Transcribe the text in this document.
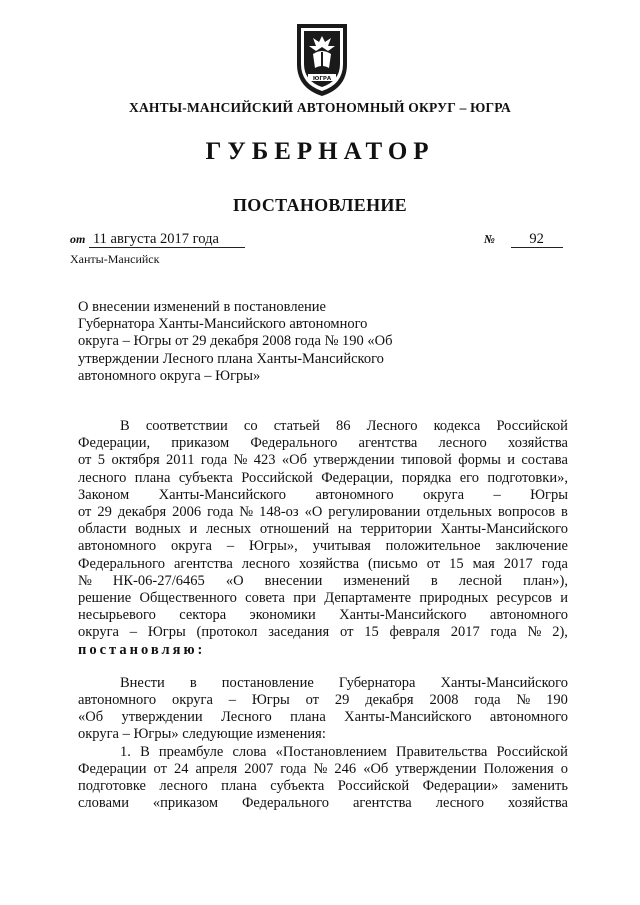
ЮГРА
ХАНТЫ-МАНСИЙСКИЙ АВТОНОМНЫЙ ОКРУГ – ЮГРА
ГУБЕРНАТОР
ПОСТАНОВЛЕНИЕ
от 11 августа 2017 года	№ 92
Ханты-Мансийск
О внесении изменений в постановление
Губернатора Ханты-Мансийского автономного
округа – Югры от 29 декабря 2008 года № 190 «Об
утверждении Лесного плана Ханты-Мансийского
автономного округа – Югры»
В соответствии со статьей 86 Лесного кодекса Российской
Федерации, приказом Федерального агентства лесного хозяйства
от 5 октября 2011 года № 423 «Об утверждении типовой формы и состава
лесного плана субъекта Российской Федерации, порядка его подготовки»,
Законом Ханты-Мансийского автономного округа – Югры
от 29 декабря 2006 года № 148-оз «О регулировании отдельных вопросов в
области водных и лесных отношений на территории Ханты-Мансийского
автономного округа – Югры», учитывая положительное заключение
Федерального агентства лесного хозяйства (письмо от 15 мая 2017 года
№ НК-06-27/6465 «О внесении изменений в лесной план»),
решение Общественного совета при Департаменте природных ресурсов и
несырьевого сектора экономики Ханты-Мансийского автономного
округа – Югры (протокол заседания от 15 февраля 2017 года № 2),
постановляю:
Внести в постановление Губернатора Ханты-Мансийского
автономного округа – Югры от 29 декабря 2008 года № 190
«Об утверждении Лесного плана Ханты-Мансийского автономного
округа – Югры» следующие изменения:
1. В преамбуле слова «Постановлением Правительства Российской
Федерации от 24 апреля 2007 года № 246 «Об утверждении Положения о
подготовке лесного плана субъекта Российской Федерации» заменить
словами «приказом Федерального агентства лесного хозяйства
